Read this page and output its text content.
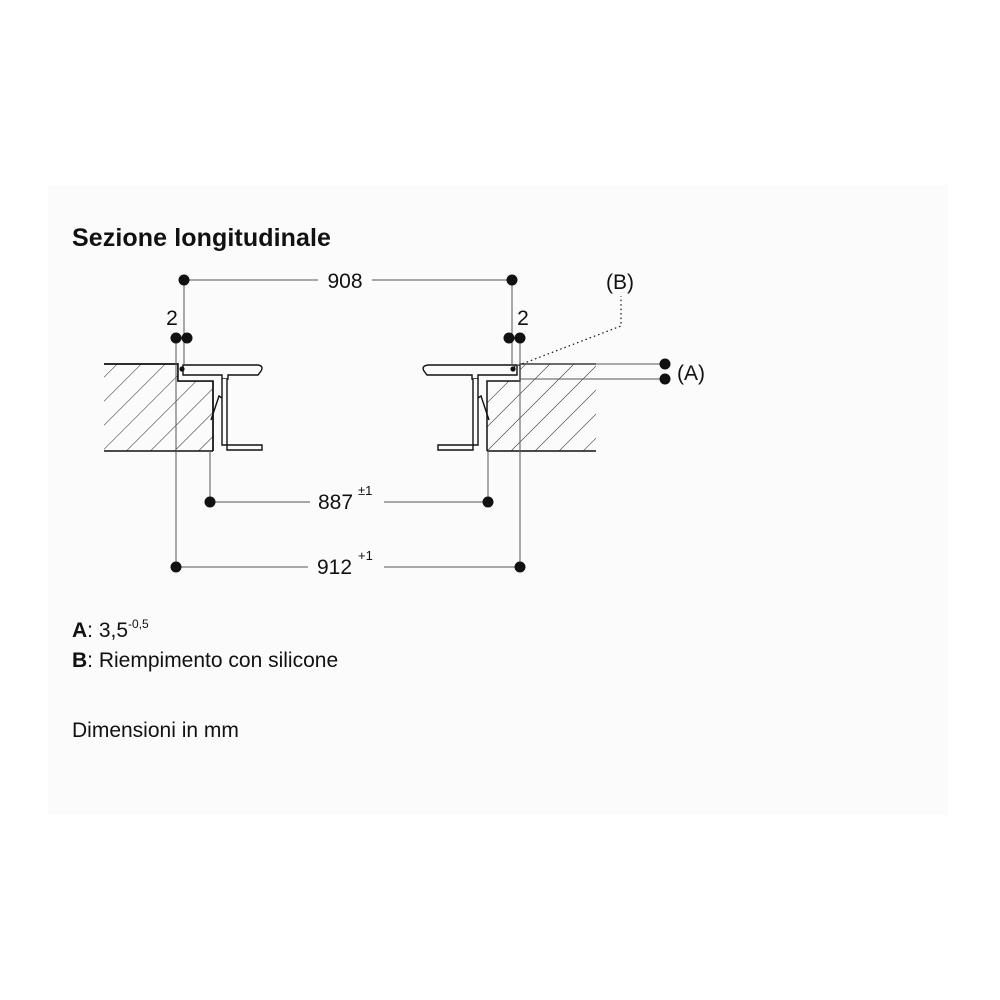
Sezione longitudinale
908
2	2
(B)
(A)
887
±1
912
+1
A: $3,5^{-0,5}$
B: Riempimento con silicone
Dimensioni in mm
